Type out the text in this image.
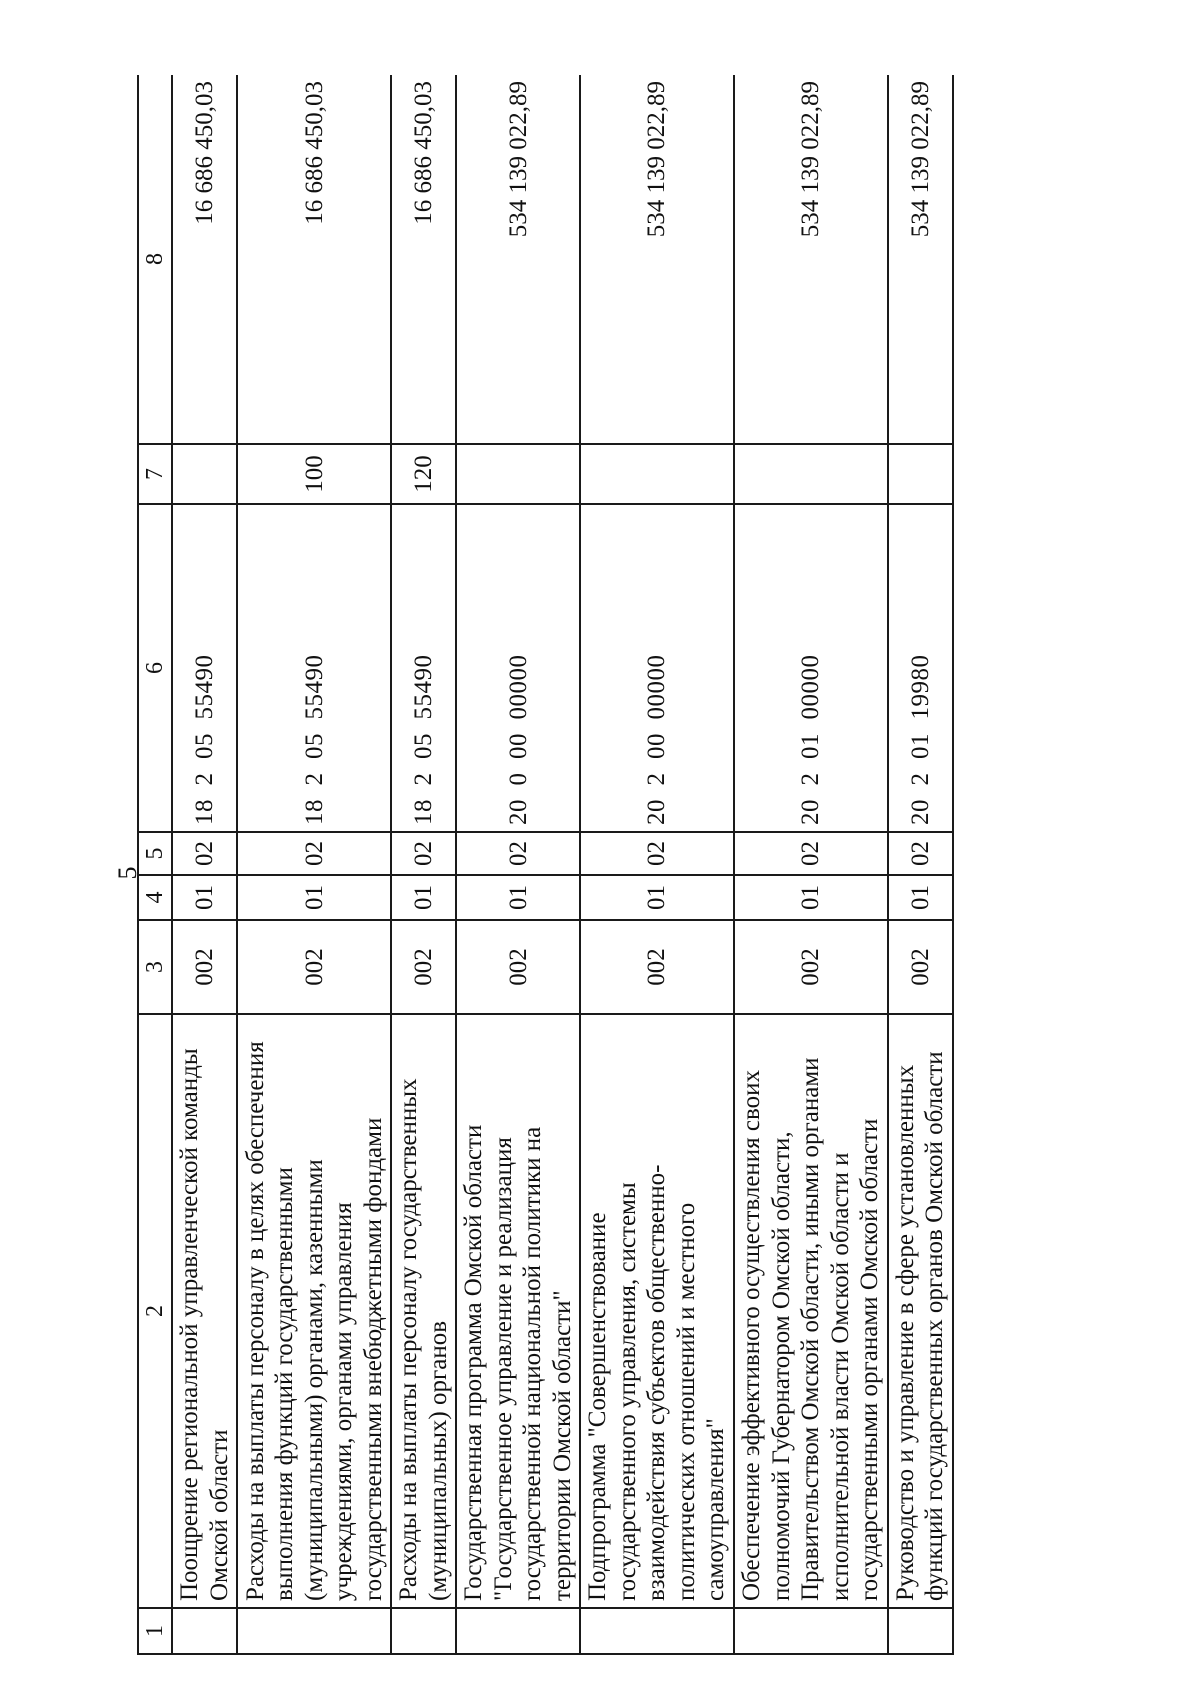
5
1	2	3	4	5	6	7	8
	Поощрение региональной управленческой команды Омской области	002	01	02	18  2  05  55490		16 686 450,03
	Расходы на выплаты персоналу в целях обеспечения выполнения функций государственными (муниципальными) органами, казенными учреждениями, органами управления государственными внебюджетными фондами	002	01	02	18  2  05  55490	100	16 686 450,03
	Расходы на выплаты персоналу государственных (муниципальных) органов	002	01	02	18  2  05  55490	120	16 686 450,03
	Государственная программа Омской области "Государственное управление и реализация государственной национальной политики на территории Омской области"	002	01	02	20  0  00  00000		534 139 022,89
	Подпрограмма "Совершенствование государственного управления, системы взаимодействия субъектов общественно-политических отношений и местного самоуправления"	002	01	02	20  2  00  00000		534 139 022,89
	Обеспечение эффективного осуществления своих полномочий Губернатором Омской области, Правительством Омской области, иными органами исполнительной власти Омской области и государственными органами Омской области	002	01	02	20  2  01  00000		534 139 022,89
	Руководство и управление в сфере установленных функций государственных органов Омской области	002	01	02	20  2  01  19980		534 139 022,89
